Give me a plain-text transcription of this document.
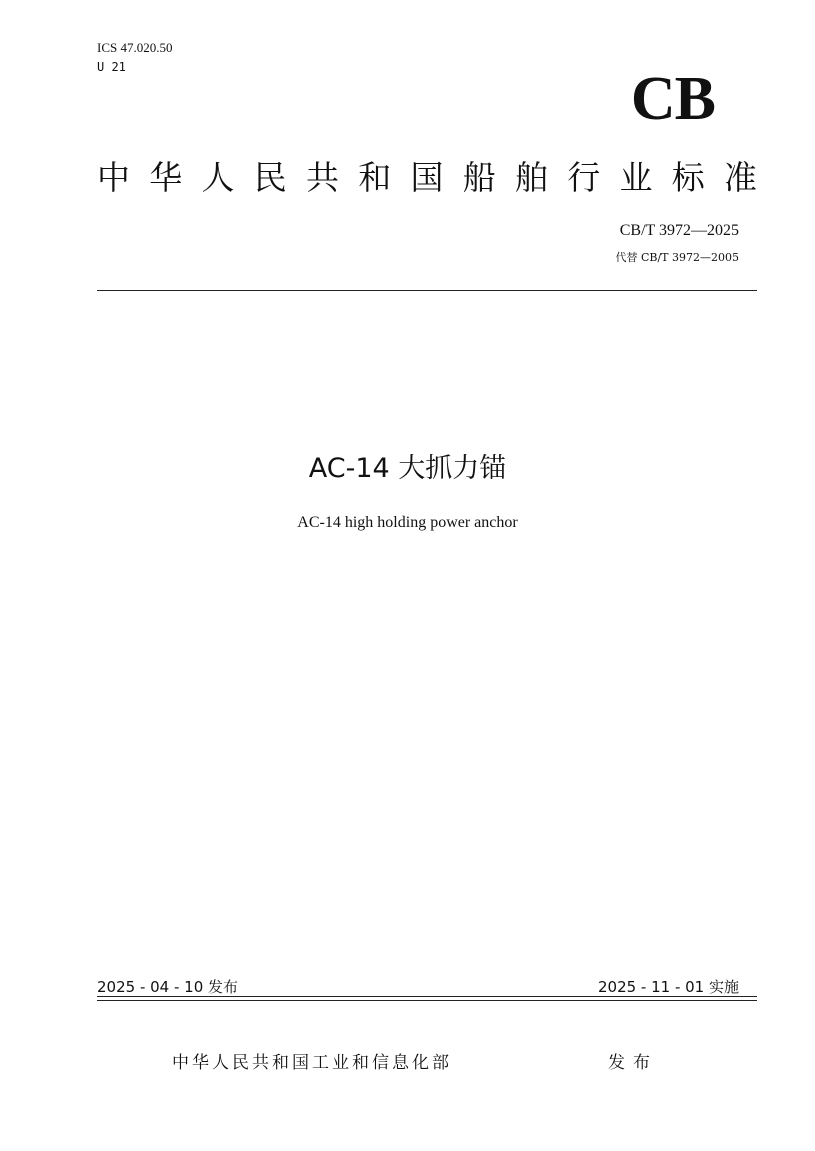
ICS 47.020.50
U 21	CB
中 华 人 民 共 和 国 船 舶 行 业 标 准
CB/T 3972—2025
代替 CB/T 3972—2005
AC-14 大抓力锚
AC-14 high holding power anchor
2025 - 04 - 10 发布	2025 - 11 - 01 实施
中华人民共和国工业和信息化部	发布
